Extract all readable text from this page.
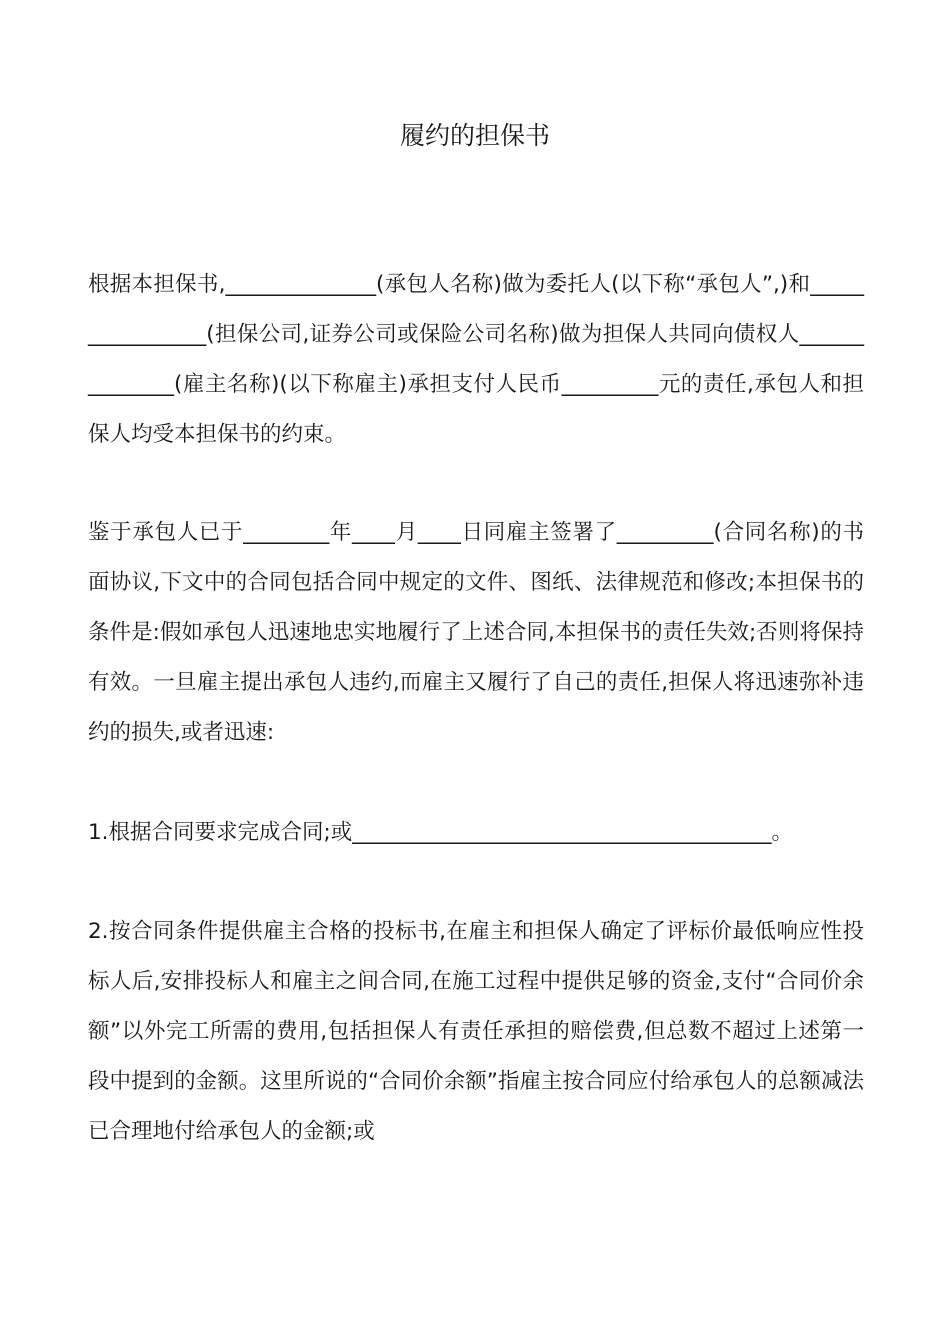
履约的担保书

根据本担保书,______________(承包人名称)做为委托人(以下称“承包人”,)和________________(担保公司,证券公司或保险公司名称)做为担保人共同向债权人______________(雇主名称)(以下称雇主)承担支付人民币_________元的责任,承包人和担保人均受本担保书的约束。

鉴于承包人已于________年____月____日同雇主签署了_________(合同名称)的书面协议,下文中的合同包括合同中规定的文件、图纸、法律规范和修改;本担保书的条件是:假如承包人迅速地忠实地履行了上述合同,本担保书的责任失效;否则将保持有效。一旦雇主提出承包人违约,而雇主又履行了自己的责任,担保人将迅速弥补违约的损失,或者迅速:

1.根据合同要求完成合同;或_______________________________________。

2.按合同条件提供雇主合格的投标书,在雇主和担保人确定了评标价最低响应性投标人后,安排投标人和雇主之间合同,在施工过程中提供足够的资金,支付“合同价余额”以外完工所需的费用,包括担保人有责任承担的赔偿费,但总数不超过上述第一段中提到的金额。这里所说的“合同价余额”指雇主按合同应付给承包人的总额减法已合理地付给承包人的金额;或
